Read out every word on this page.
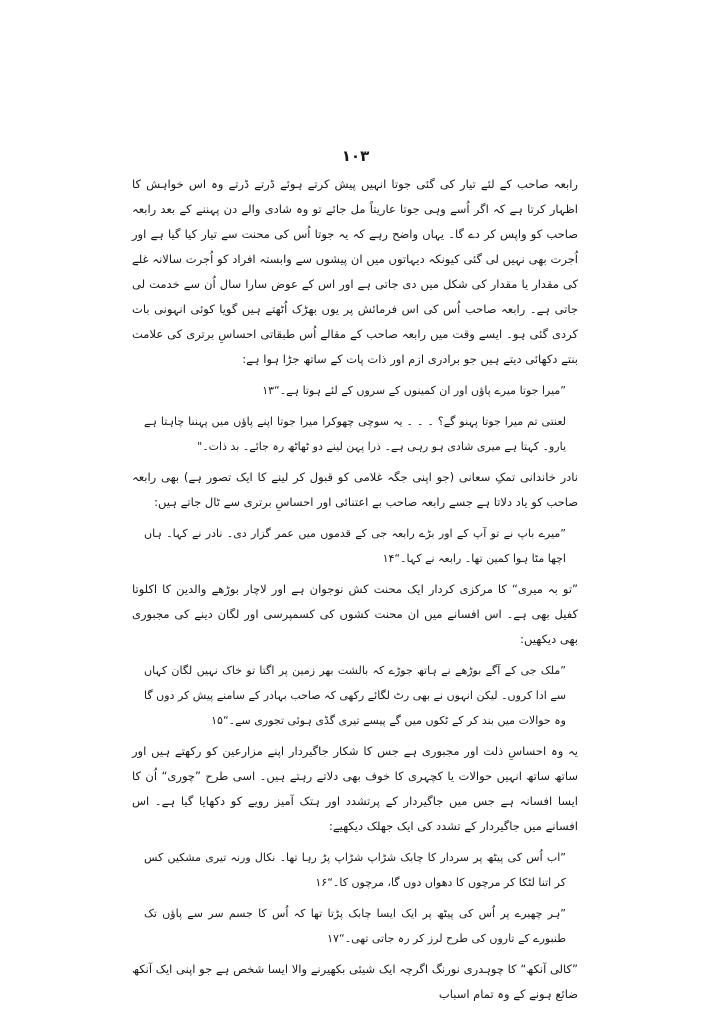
۱۰۳

رابعہ صاحب کے لئے تیار کی گئی جوتا انہیں پیش کرتے ہوئے ڈرتے ڈرتے وہ اس خواہش کا اظہار کرتا ہے کہ اگر اُسے وہی جوتا عاریتاً مل جائے تو وہ شادی والے دن پہننے کے بعد رابعہ صاحب کو واپس کر دے گا۔ یہاں واضح رہے کہ یہ جوتا اُس کی محنت سے تیار کیا گیا ہے اور اُجرت بھی نہیں لی گئی کیونکہ دیہاتوں میں ان پیشوں سے وابستہ افراد کو اُجرت سالانہ غلے کی مقدار یا مقدار کی شکل میں دی جاتی ہے اور اس کے عوض سارا سال اُن سے خدمت لی جاتی ہے۔ رابعہ صاحب اُس کی اس فرمائش پر یوں بھڑک اُٹھتے ہیں گویا کوئی انہونی بات کردی گئی ہو۔ ایسے وقت میں رابعہ صاحب کے مقالے اُس طبقاتی احساسِ برتری کی علامت بنتے دکھائی دیتے ہیں جو برادری ازم اور ذات پات کے ساتھ جڑا ہوا ہے:

”میرا جوتا میرے پاؤں اور ان کمینوں کے سروں کے لئے ہوتا ہے۔“۱۳

لعنتی تم میرا جوتا پہنو گے؟ ۔ ۔ ۔ یہ سوچی چھوکرا میرا جوتا اپنے پاؤں میں پہننا چاہتا ہے یارو۔ کہتا ہے میری شادی ہو رہی ہے۔ ذرا پہن لینے دو ٹھاٹھ رہ جائے۔ بد ذات۔"

نادر خاندانی تمکِ سعانی (جو اپنی جگہ غلامی کو قبول کر لینے کا ایک تصور ہے) بھی رابعہ صاحب کو یاد دلاتا ہے جسے رابعہ صاحب بے اعتنائی اور احساسِ برتری سے ٹال جاتے ہیں:

”میرے باپ نے تو آپ کے اور بڑے رابعہ جی کے قدموں میں عمر گزار دی۔ نادر نے کہا۔ ہاں اچھا مٹا ہوا کمین تھا۔ رابعہ نے کہا۔“۱۴

”تو بہ میری“ کا مرکزی کردار ایک محنت کش نوجوان ہے اور لاچار بوڑھے والدین کا اکلوتا کفیل بھی ہے۔ اس افسانے میں ان محنت کشوں کی کسمپرسی اور لگان دینے کی مجبوری بھی دیکھیں:

”ملک جی کے آگے بوڑھے نے ہاتھ جوڑے کہ بالشت بھر زمین پر اگتا تو خاک نہیں لگان کہاں سے ادا کروں۔ لیکن انہوں نے بھی رٹ لگائے رکھی کہ صاحب بہادر کے سامنے پیش کر دوں گا وہ حوالات میں بند کر کے ٹکوں میں گے پیسے تیری گڈی ہوئی تجوری سے۔“۱۵

یہ وہ احساسِ ذلت اور مجبوری ہے جس کا شکار جاگیردار اپنے مزارعین کو رکھتے ہیں اور ساتھ ساتھ انہیں حوالات یا کچہری کا خوف بھی دلاتے رہتے ہیں۔ اسی طرح ”چوری“ اُن کا ایسا افسانہ ہے جس میں جاگیردار کے پرتشدد اور ہتک آمیز رویے کو دکھایا گیا ہے۔ اس افسانے میں جاگیردار کے تشدد کی ایک جھلک دیکھیے:

”اب اُس کی پیٹھ پر سردار کا چابک شڑاپ شڑاپ پڑ رہا تھا۔ نکال ورنہ تیری مشکیں کس کر اتنا لٹکا کر مرچوں کا دھواں دوں گا، مرچوں کا۔“۱۶

”ہر چھیرے پر اُس کی پیٹھ پر ایک ایسا چابک پڑتا تھا کہ اُس کا جسم سر سے پاؤں تک طنبورے کے تاروں کی طرح لرز کر رہ جاتی تھی۔“۱۷

”کالی آنکھ“ کا چوہدری نورنگ اگرچہ ایک شیئی بکھیرنے والا ایسا شخص ہے جو اپنی ایک آنکھ ضائع ہونے کے وہ تمام اسباب
